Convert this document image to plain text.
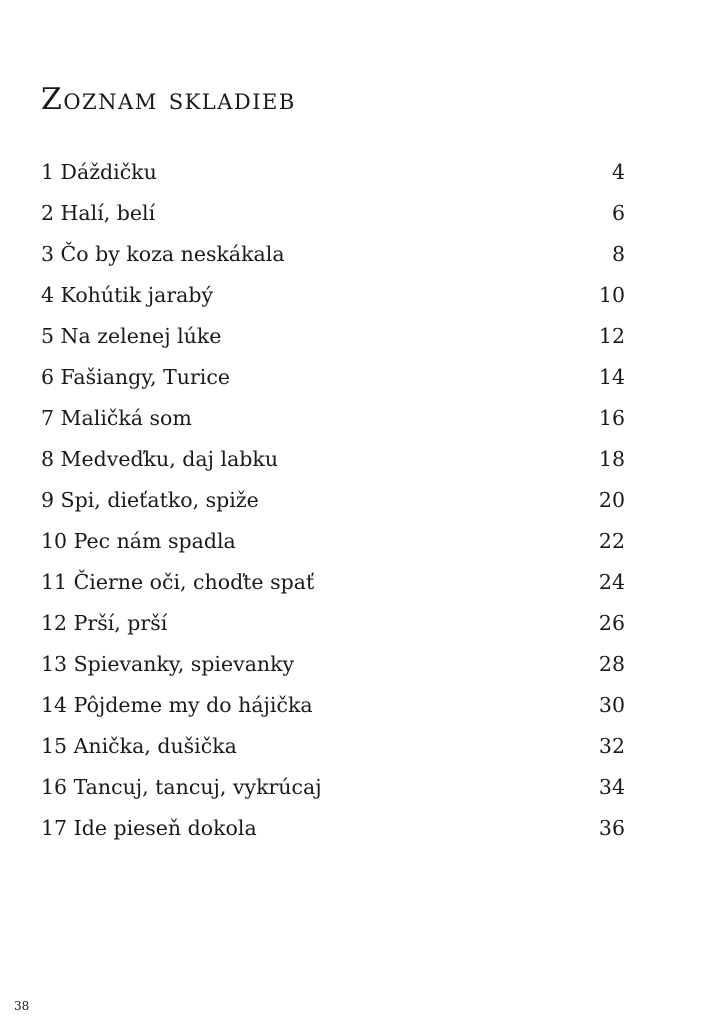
Zoznam skladieb
1 Dáždičku	4
2 Halí, belí	6
3 Čo by koza neskákala	8
4 Kohútik jarabý	10
5 Na zelenej lúke	12
6 Fašiangy, Turice	14
7 Maličká som	16
8 Medveďku, daj labku	18
9 Spi, dieťatko, spiže	20
10 Pec nám spadla	22
11 Čierne oči, choďte spať	24
12 Prší, prší	26
13 Spievanky, spievanky	28
14 Pôjdeme my do hájička	30
15 Anička, dušička	32
16 Tancuj, tancuj, vykrúcaj	34
17 Ide pieseň dokola	36
38
